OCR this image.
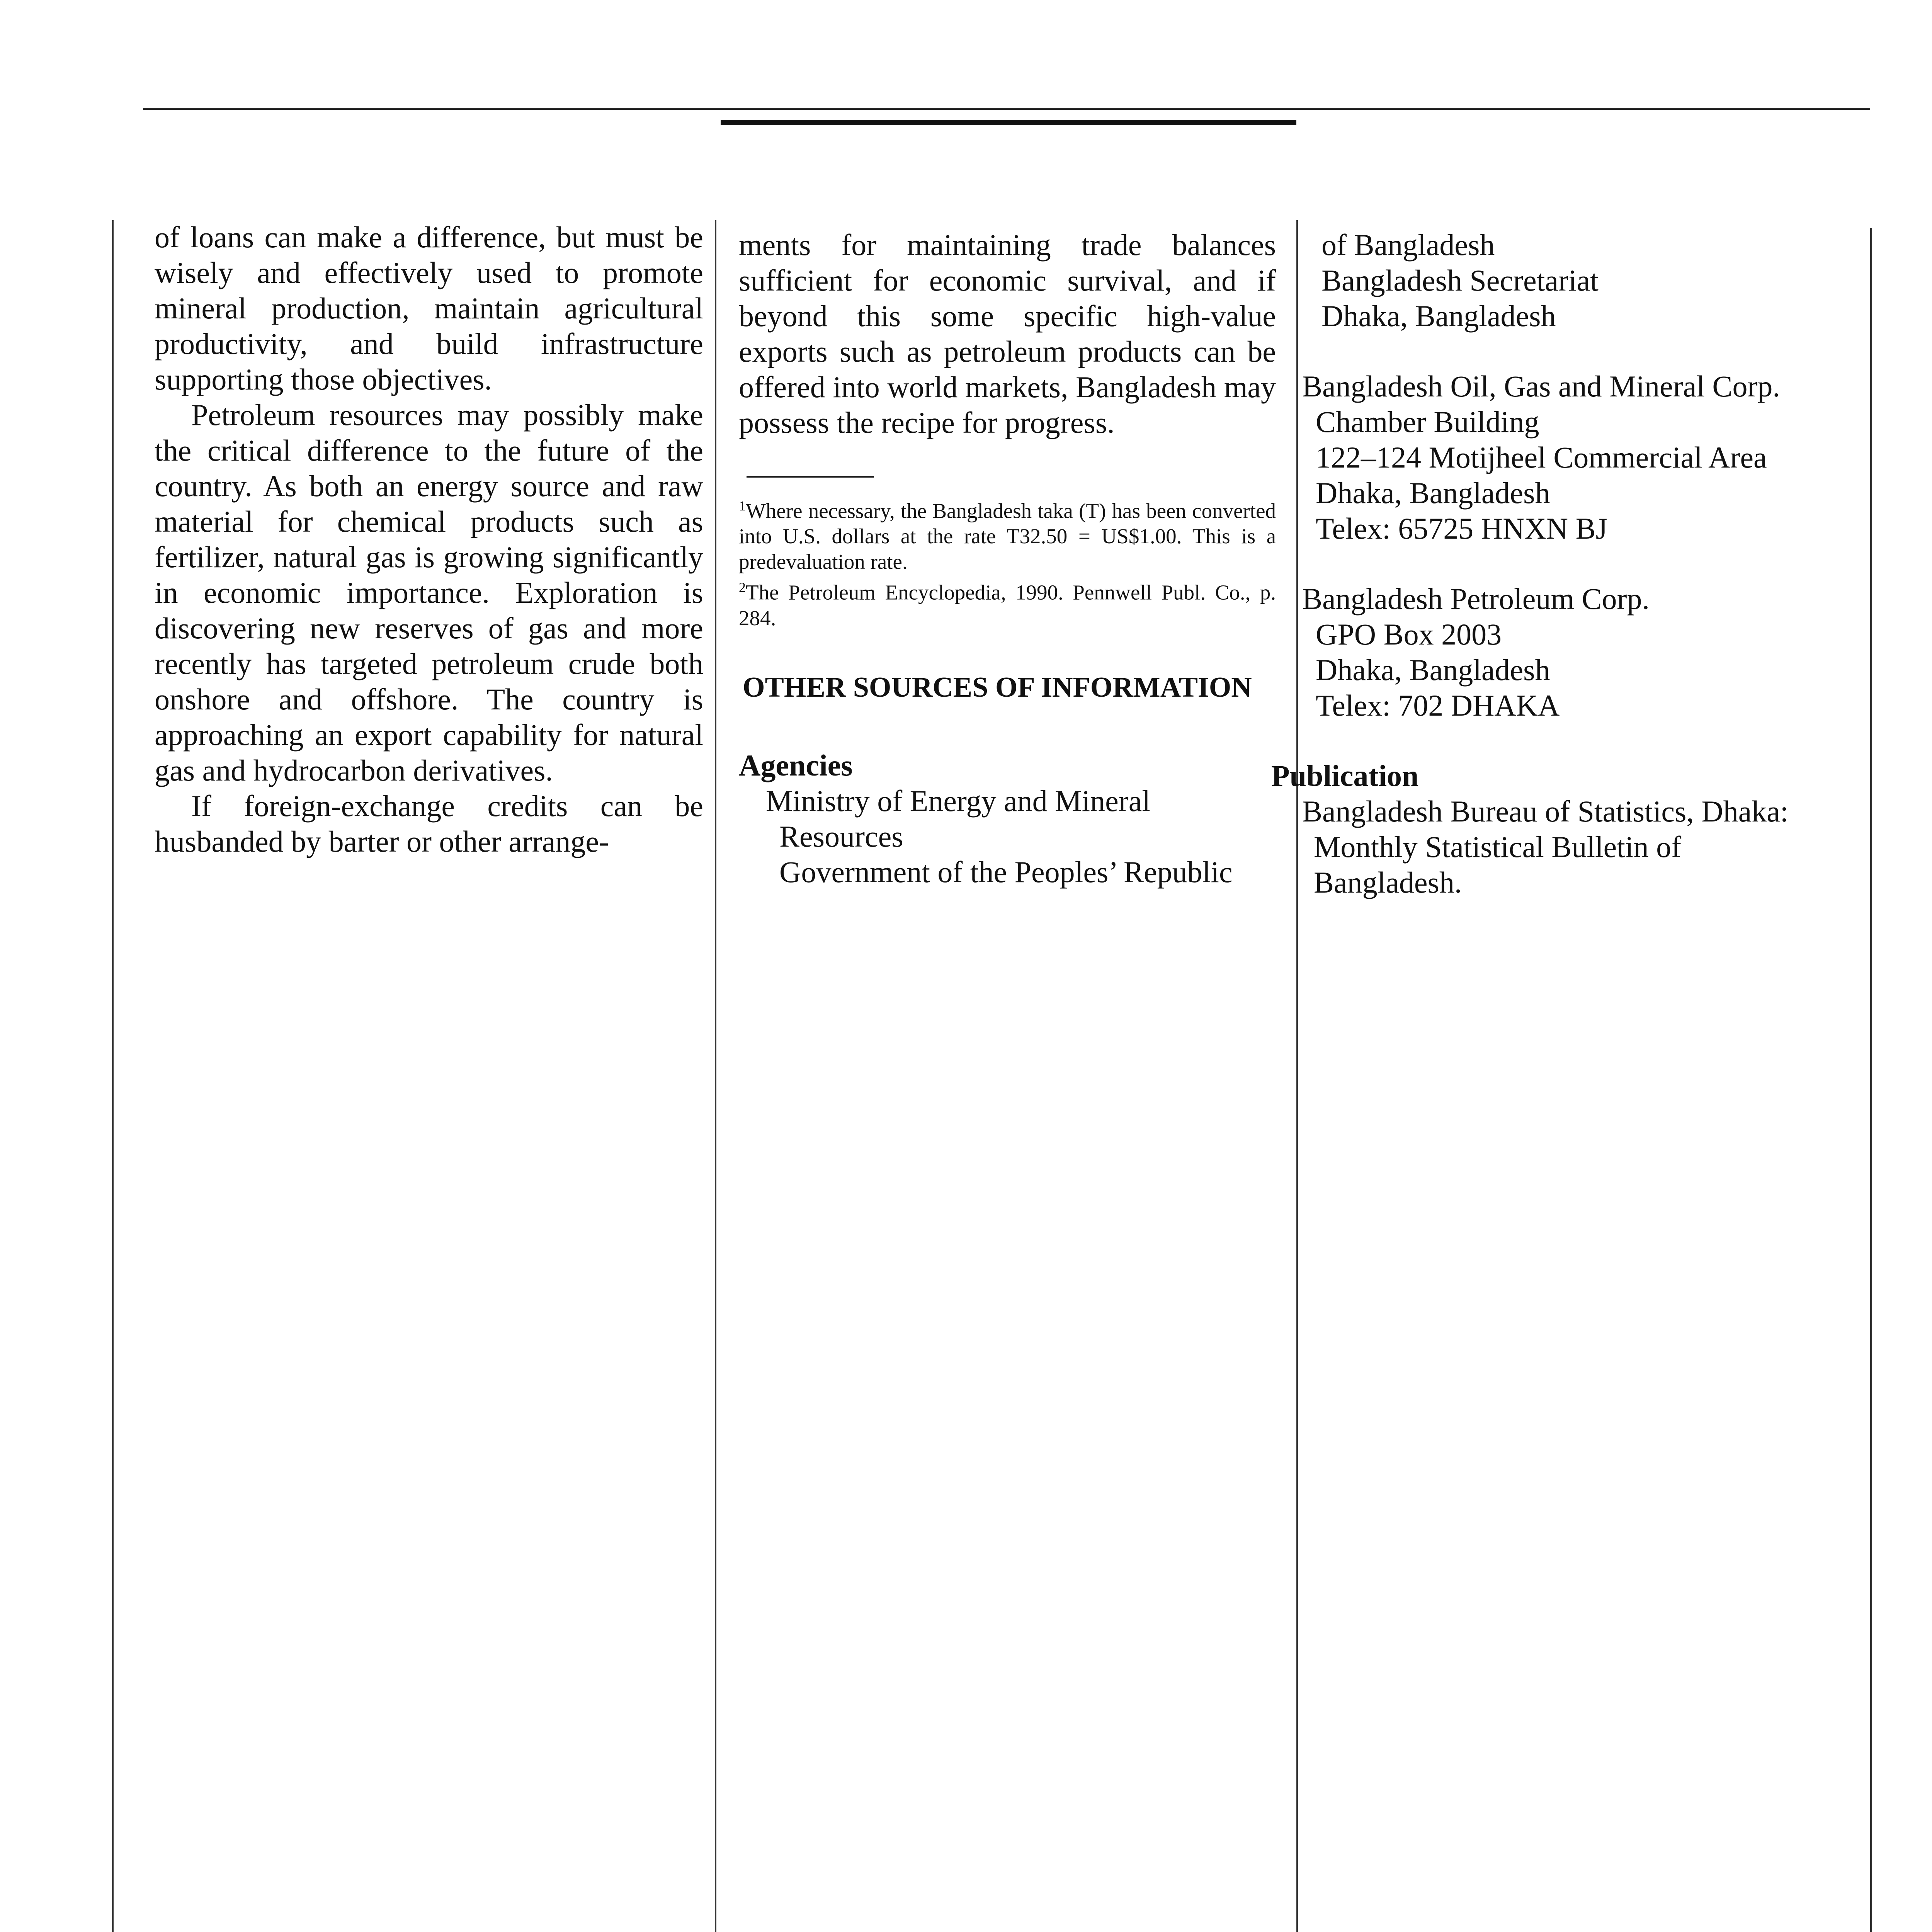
of loans can make a difference, but must be wisely and effectively used to promote mineral production, maintain agricultural productivity, and build infrastructure supporting those objectives.

Petroleum resources may possibly make the critical difference to the future of the country. As both an energy source and raw material for chemical products such as fertilizer, natural gas is growing significantly in economic importance. Exploration is discovering new reserves of gas and more recently has targeted petroleum crude both onshore and offshore. The country is approaching an export capability for natural gas and hydrocarbon derivatives.

If foreign-exchange credits can be husbanded by barter or other arrange-

ments for maintaining trade balances sufficient for economic survival, and if beyond this some specific high-value exports such as petroleum products can be offered into world markets, Bangladesh may possess the recipe for progress.

$^1$Where necessary, the Bangladesh taka (T) has been converted into U.S. dollars at the rate T32.50 = US$1.00. This is a predevaluation rate.

$^2$The Petroleum Encyclopedia, 1990. Pennwell Publ. Co., p. 284.

OTHER SOURCES OF INFORMATION
Agencies
Ministry of Energy and Mineral
Resources
Government of the Peoples’ Republic
of Bangladesh
Bangladesh Secretariat
Dhaka, Bangladesh
Bangladesh Oil, Gas and Mineral Corp.
Chamber Building
122–124 Motijheel Commercial Area
Dhaka, Bangladesh
Telex: 65725 HNXN BJ
Bangladesh Petroleum Corp.
GPO Box 2003
Dhaka, Bangladesh
Telex: 702 DHAKA
Publication
Bangladesh Bureau of Statistics, Dhaka:
Monthly Statistical Bulletin of
Bangladesh.
